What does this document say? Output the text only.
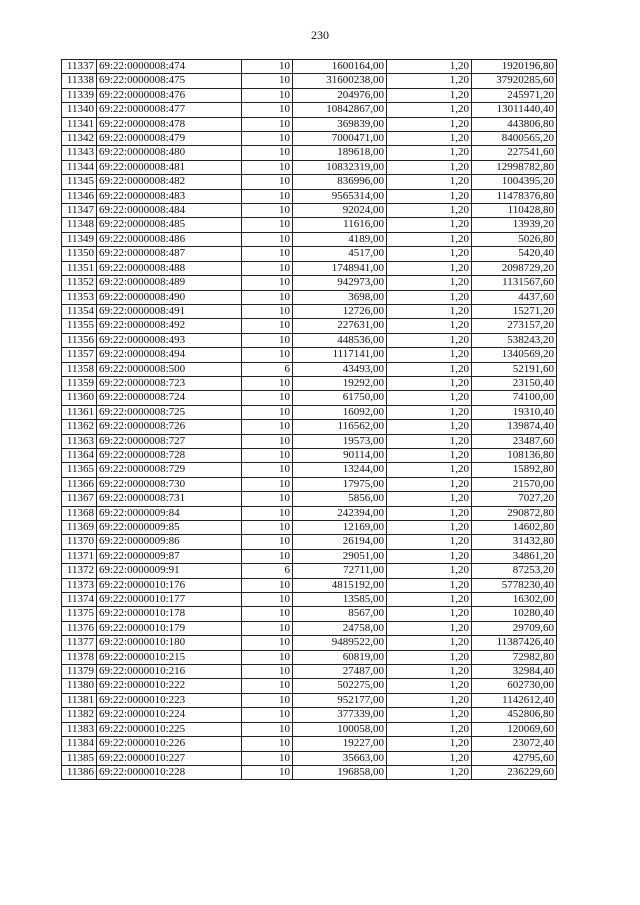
230
11337	69:22:0000008:474	10	1600164,00	1,20	1920196,80
11338	69:22:0000008:475	10	31600238,00	1,20	37920285,60
11339	69:22:0000008:476	10	204976,00	1,20	245971,20
11340	69:22:0000008:477	10	10842867,00	1,20	13011440,40
11341	69:22:0000008:478	10	369839,00	1,20	443806,80
11342	69:22:0000008:479	10	7000471,00	1,20	8400565,20
11343	69:22:0000008:480	10	189618,00	1,20	227541,60
11344	69:22:0000008:481	10	10832319,00	1,20	12998782,80
11345	69:22:0000008:482	10	836996,00	1,20	1004395,20
11346	69:22:0000008:483	10	9565314,00	1,20	11478376,80
11347	69:22:0000008:484	10	92024,00	1,20	110428,80
11348	69:22:0000008:485	10	11616,00	1,20	13939,20
11349	69:22:0000008:486	10	4189,00	1,20	5026,80
11350	69:22:0000008:487	10	4517,00	1,20	5420,40
11351	69:22:0000008:488	10	1748941,00	1,20	2098729,20
11352	69:22:0000008:489	10	942973,00	1,20	1131567,60
11353	69:22:0000008:490	10	3698,00	1,20	4437,60
11354	69:22:0000008:491	10	12726,00	1,20	15271,20
11355	69:22:0000008:492	10	227631,00	1,20	273157,20
11356	69:22:0000008:493	10	448536,00	1,20	538243,20
11357	69:22:0000008:494	10	1117141,00	1,20	1340569,20
11358	69:22:0000008:500	6	43493,00	1,20	52191,60
11359	69:22:0000008:723	10	19292,00	1,20	23150,40
11360	69:22:0000008:724	10	61750,00	1,20	74100,00
11361	69:22:0000008:725	10	16092,00	1,20	19310,40
11362	69:22:0000008:726	10	116562,00	1,20	139874,40
11363	69:22:0000008:727	10	19573,00	1,20	23487,60
11364	69:22:0000008:728	10	90114,00	1,20	108136,80
11365	69:22:0000008:729	10	13244,00	1,20	15892,80
11366	69:22:0000008:730	10	17975,00	1,20	21570,00
11367	69:22:0000008:731	10	5856,00	1,20	7027,20
11368	69:22:0000009:84	10	242394,00	1,20	290872,80
11369	69:22:0000009:85	10	12169,00	1,20	14602,80
11370	69:22:0000009:86	10	26194,00	1,20	31432,80
11371	69:22:0000009:87	10	29051,00	1,20	34861,20
11372	69:22:0000009:91	6	72711,00	1,20	87253,20
11373	69:22:0000010:176	10	4815192,00	1,20	5778230,40
11374	69:22:0000010:177	10	13585,00	1,20	16302,00
11375	69:22:0000010:178	10	8567,00	1,20	10280,40
11376	69:22:0000010:179	10	24758,00	1,20	29709,60
11377	69:22:0000010:180	10	9489522,00	1,20	11387426,40
11378	69:22:0000010:215	10	60819,00	1,20	72982,80
11379	69:22:0000010:216	10	27487,00	1,20	32984,40
11380	69:22:0000010:222	10	502275,00	1,20	602730,00
11381	69:22:0000010:223	10	952177,00	1,20	1142612,40
11382	69:22:0000010:224	10	377339,00	1,20	452806,80
11383	69:22:0000010:225	10	100058,00	1,20	120069,60
11384	69:22:0000010:226	10	19227,00	1,20	23072,40
11385	69:22:0000010:227	10	35663,00	1,20	42795,60
11386	69:22:0000010:228	10	196858,00	1,20	236229,60
